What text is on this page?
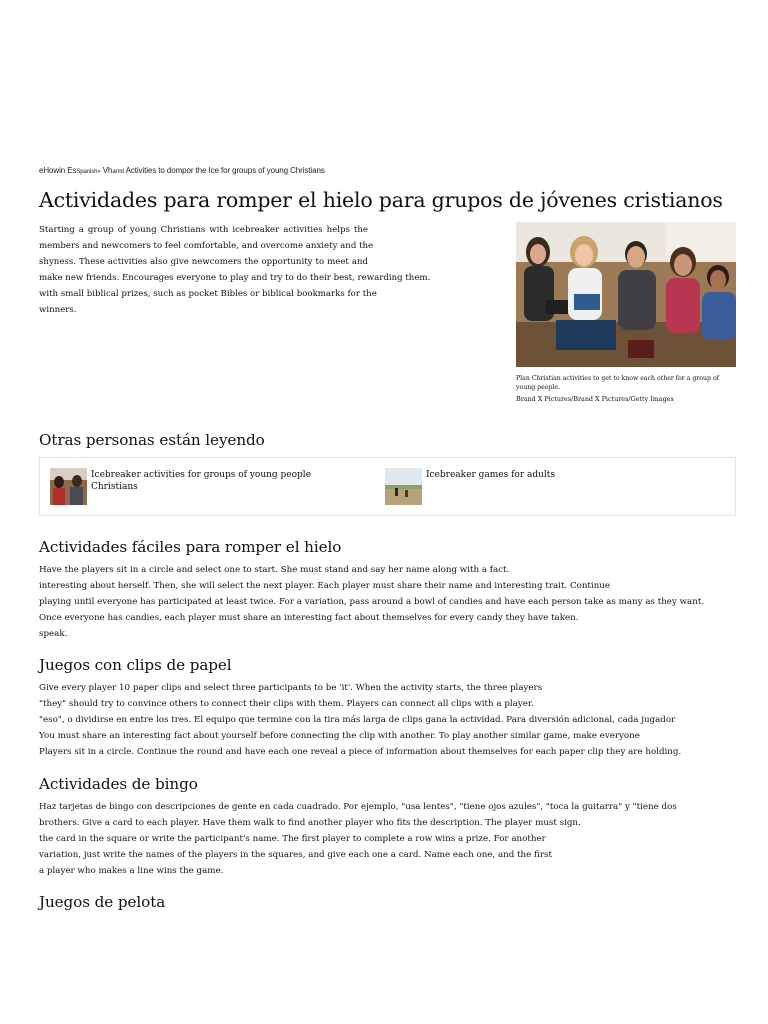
eHowin EsSpanish» Vharmt Activities to dompor the Ice for groups of young Christians
Actividades para romper el hielo para grupos de jóvenes cristianos

Starting a group of young Christians with icebreaker activities helps the

members and newcomers to feel comfortable, and overcome anxiety and the

shyness. These activities also give newcomers the opportunity to meet and

make new friends. Encourages everyone to play and try to do their best, rewarding them.

with small biblical prizes, such as pocket Bibles or biblical bookmarks for the

winners.

Plan Christian activities to get to know each other for a group of young people.
Brand X Pictures/Brand X Pictures/Getty Images
Otras personas están leyendo
Icebreaker activities for groups of young people
Christians
Icebreaker games for adults
Actividades fáciles para romper el hielo

Have the players sit in a circle and select one to start. She must stand and say her name along with a fact.

interesting about herself. Then, she will select the next player. Each player must share their name and interesting trait. Continue

playing until everyone has participated at least twice. For a variation, pass around a bowl of candies and have each person take as many as they want.

Once everyone has candies, each player must share an interesting fact about themselves for every candy they have taken.

speak.

Juegos con clips de papel

Give every player 10 paper clips and select three participants to be 'it'. When the activity starts, the three players

"they" should try to convince others to connect their clips with them. Players can connect all clips with a player.

"eso", o dividirse en entre los tres. El equipo que termine con la tira más larga de clips gana la actividad. Para diversión adicional, cada jugador

You must share an interesting fact about yourself before connecting the clip with another. To play another similar game, make everyone

Players sit in a circle. Continue the round and have each one reveal a piece of information about themselves for each paper clip they are holding.

Actividades de bingo

Haz tarjetas de bingo con descripciones de gente en cada cuadrado. Por ejemplo, "usa lentes", "tiene ojos azules", "toca la guitarra" y "tiene dos

brothers. Give a card to each player. Have them walk to find another player who fits the description. The player must sign.

the card in the square or write the participant's name. The first player to complete a row wins a prize. For another

variation, just write the names of the players in the squares, and give each one a card. Name each one, and the first

a player who makes a line wins the game.

Juegos de pelota
